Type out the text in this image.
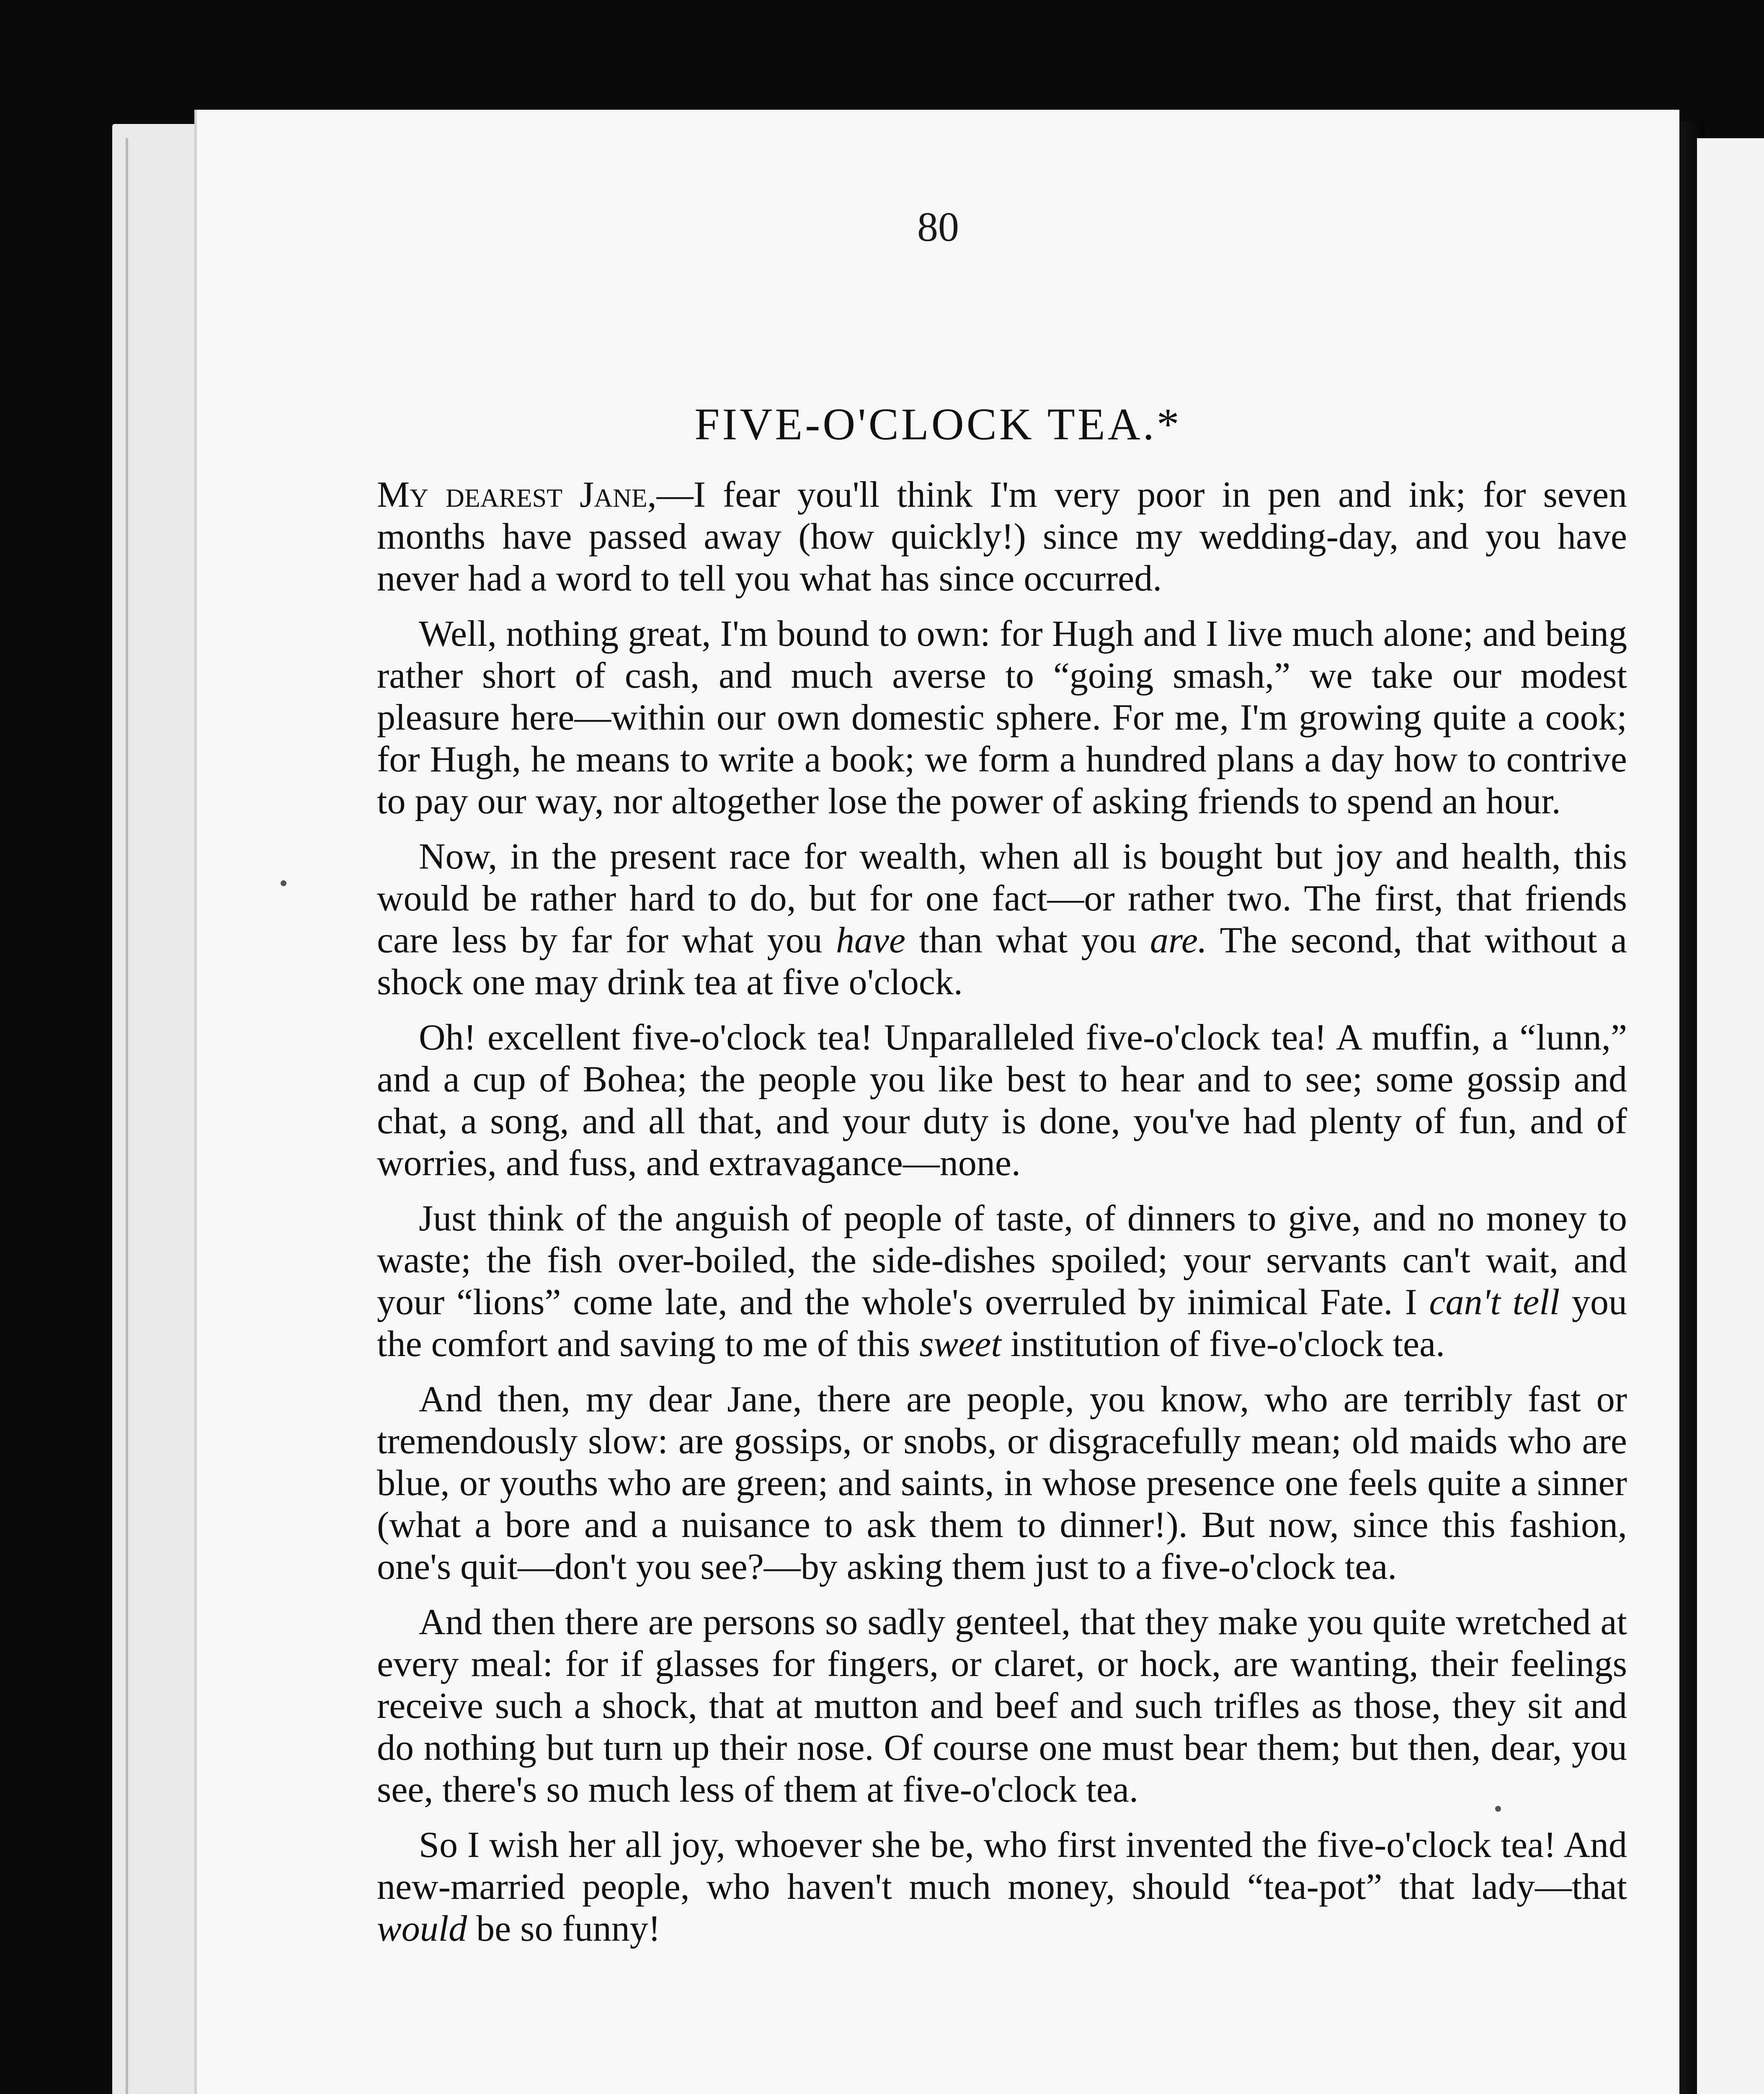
80
FIVE-O'CLOCK TEA.*

My dearest Jane,—I fear you'll think I'm very poor in pen and ink; for seven months have passed away (how quickly!) since my wedding-day, and you have never had a word to tell you what has since occurred.

Well, nothing great, I'm bound to own: for Hugh and I live much alone; and being rather short of cash, and much averse to “going smash,” we take our modest pleasure here—within our own domestic sphere. For me, I'm growing quite a cook; for Hugh, he means to write a book; we form a hundred plans a day how to contrive to pay our way, nor altogether lose the power of asking friends to spend an hour.

Now, in the present race for wealth, when all is bought but joy and health, this would be rather hard to do, but for one fact—or rather two. The first, that friends care less by far for what you have than what you are. The second, that without a shock one may drink tea at five o'clock.

Oh! excellent five-o'clock tea! Unparalleled five-o'clock tea! A muffin, a “lunn,” and a cup of Bohea; the people you like best to hear and to see; some gossip and chat, a song, and all that, and your duty is done, you've had plenty of fun, and of worries, and fuss, and extravagance—none.

Just think of the anguish of people of taste, of dinners to give, and no money to waste; the fish over-boiled, the side-dishes spoiled; your servants can't wait, and your “lions” come late, and the whole's overruled by inimical Fate. I can't tell you the comfort and saving to me of this sweet institution of five-o'clock tea.

And then, my dear Jane, there are people, you know, who are terribly fast or tremendously slow: are gossips, or snobs, or disgracefully mean; old maids who are blue, or youths who are green; and saints, in whose presence one feels quite a sinner (what a bore and a nuisance to ask them to dinner!). But now, since this fashion, one's quit—don't you see?—by asking them just to a five-o'clock tea.

And then there are persons so sadly genteel, that they make you quite wretched at every meal: for if glasses for fingers, or claret, or hock, are wanting, their feelings receive such a shock, that at mutton and beef and such trifles as those, they sit and do nothing but turn up their nose. Of course one must bear them; but then, dear, you see, there's so much less of them at five-o'clock tea.

So I wish her all joy, whoever she be, who first invented the five-o'clock tea! And new-married people, who haven't much money, should “tea-pot” that lady—that would be so funny!
